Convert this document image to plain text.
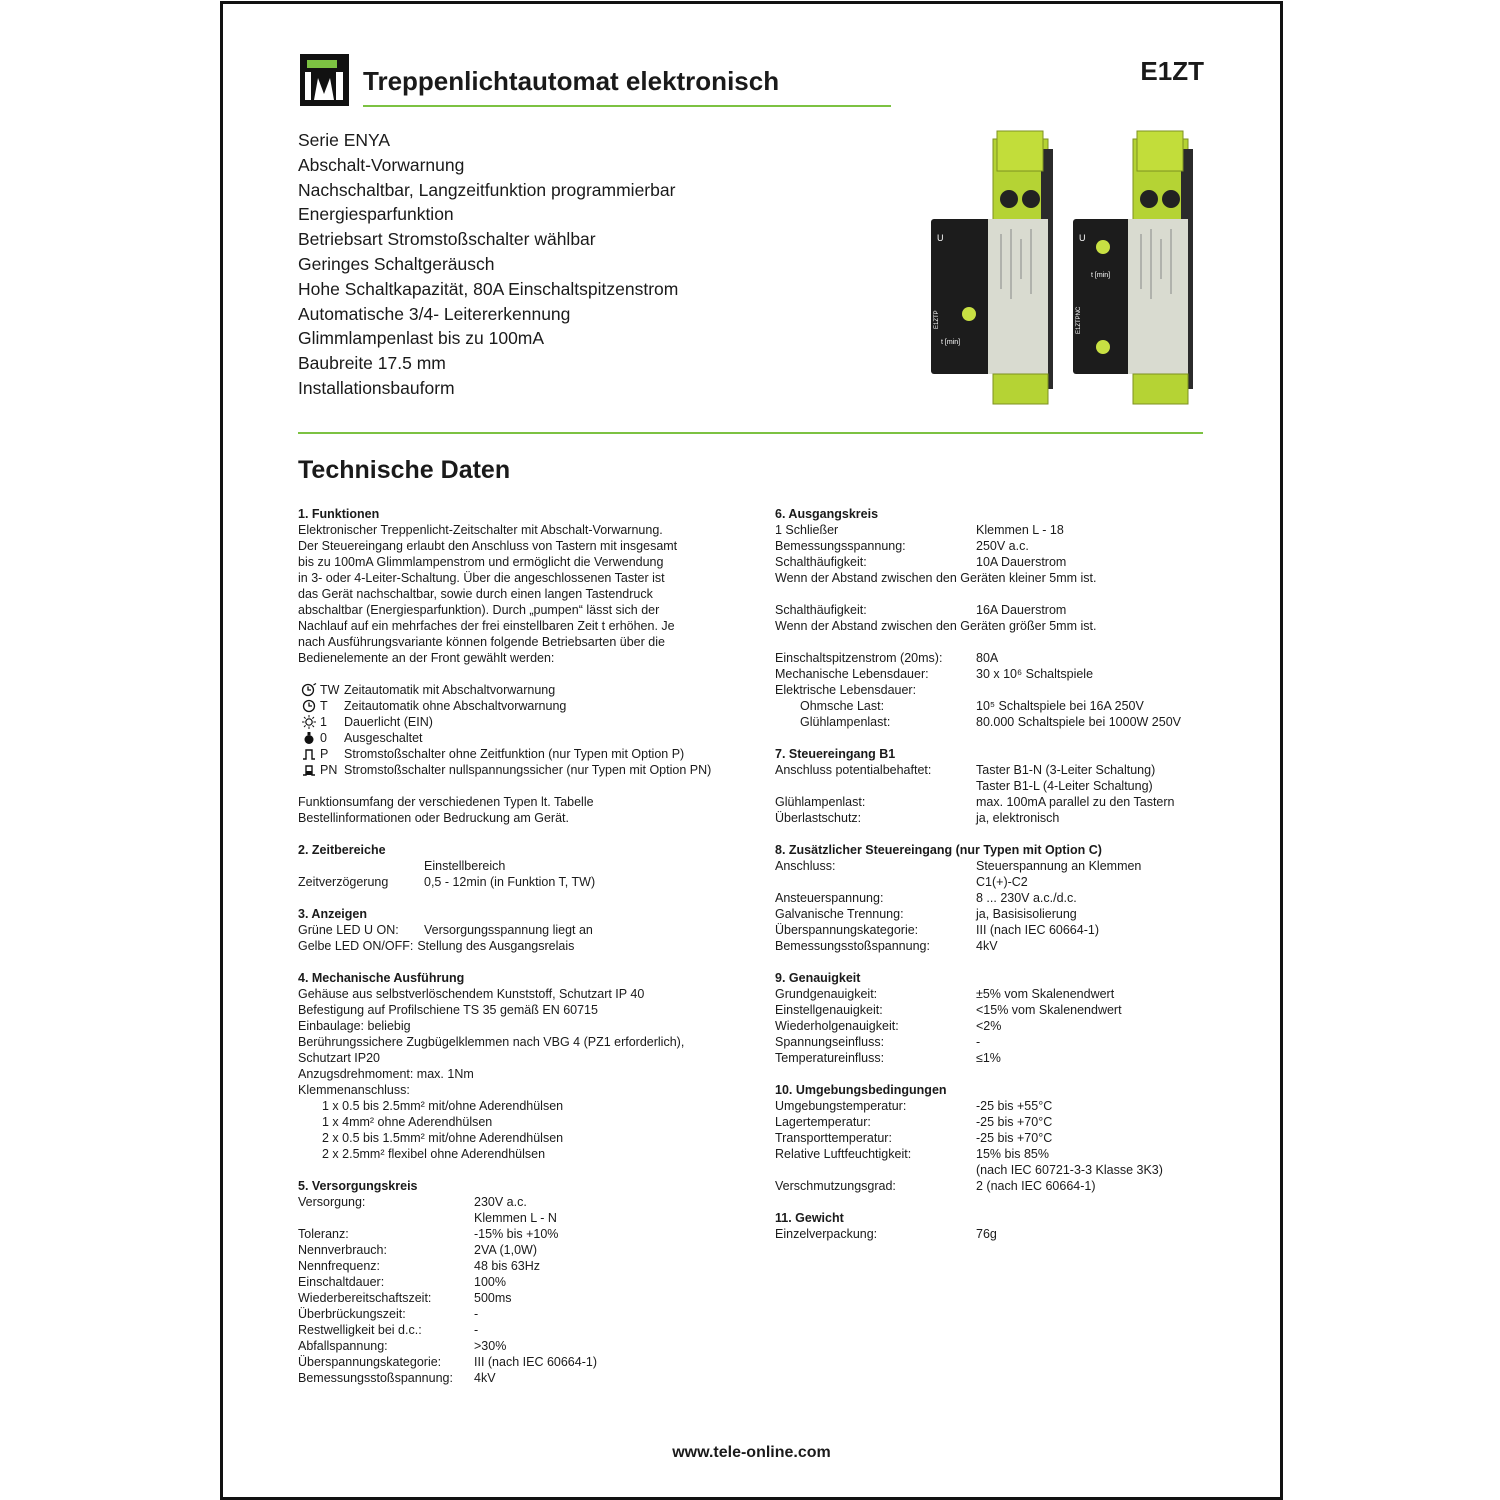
Treppenlichtautomat elektronisch	E1ZT
Serie ENYA
Abschalt-Vorwarnung
Nachschaltbar, Langzeitfunktion programmierbar
Energiesparfunktion
Betriebsart Stromstoßschalter wählbar
Geringes Schaltgeräusch
Hohe Schaltkapazität, 80A Einschaltspitzenstrom
Automatische 3/4- Leitererkennung
Glimmlampenlast bis zu 100mA
Baubreite 17.5 mm
Installationsbauform
U
t [min]
E1ZTP
U
t [min]
E1ZTPNC
Technische Daten
1. Funktionen
Elektronischer Treppenlicht-Zeitschalter mit Abschalt-Vorwarnung.
Der Steuereingang erlaubt den Anschluss von Tastern mit insgesamt
bis zu 100mA Glimmlampenstrom und ermöglicht die Verwendung
in 3- oder 4-Leiter-Schaltung. Über die angeschlossenen Taster ist
das Gerät nachschaltbar, sowie durch einen langen Tastendruck
abschaltbar (Energiesparfunktion). Durch „pumpen“ lässt sich der
Nachlauf auf ein mehrfaches der frei einstellbaren Zeit t erhöhen. Je
nach Ausführungsvariante können folgende Betriebsarten über die
Bedienelemente an der Front gewählt werden:
TW Zeitautomatik mit Abschaltvorwarnung
T	Zeitautomatik ohne Abschaltvorwarnung
1	Dauerlicht (EIN)
0	Ausgeschaltet
P	Stromstoßschalter ohne Zeitfunktion (nur Typen mit Option P)
PN Stromstoßschalter nullspannungssicher (nur Typen mit Option PN)
Funktionsumfang der verschiedenen Typen lt. Tabelle
Bestellinformationen oder Bedruckung am Gerät.
2. Zeitbereiche
Einstellbereich
Zeitverzögerung	0,5 - 12min (in Funktion T, TW)
3. Anzeigen
Grüne LED U ON:	Versorgungsspannung liegt an
Gelbe LED ON/OFF: Stellung des Ausgangsrelais
4. Mechanische Ausführung
Gehäuse aus selbstverlöschendem Kunststoff, Schutzart IP 40
Befestigung auf Profilschiene TS 35 gemäß EN 60715
Einbaulage: beliebig
Berührungssichere Zugbügelklemmen nach VBG 4 (PZ1 erforderlich),
Schutzart IP20
Anzugsdrehmoment: max. 1Nm
Klemmenanschluss:
1 x 0.5 bis 2.5mm² mit/ohne Aderendhülsen
1 x 4mm² ohne Aderendhülsen
2 x 0.5 bis 1.5mm² mit/ohne Aderendhülsen
2 x 2.5mm² flexibel ohne Aderendhülsen
5. Versorgungskreis
Versorgung:	230V a.c.
Klemmen L - N
Toleranz:	-15% bis +10%
Nennverbrauch:	2VA (1,0W)
Nennfrequenz:	48 bis 63Hz
Einschaltdauer:	100%
Wiederbereitschaftszeit:	500ms
Überbrückungszeit:	-
Restwelligkeit bei d.c.:	-
Abfallspannung:	>30%
Überspannungskategorie:	III (nach IEC 60664-1)
Bemessungsstoßspannung:	4kV
6. Ausgangskreis
1 Schließer	Klemmen L - 18
Bemessungsspannung:	250V a.c.
Schalthäufigkeit:	10A Dauerstrom
Wenn der Abstand zwischen den Geräten kleiner 5mm ist.
Schalthäufigkeit:	16A Dauerstrom
Wenn der Abstand zwischen den Geräten größer 5mm ist.
Einschaltspitzenstrom (20ms):	80A
Mechanische Lebensdauer:	30 x 10⁶ Schaltspiele
Elektrische Lebensdauer:
Ohmsche Last:	10⁵ Schaltspiele bei 16A 250V
Glühlampenlast:	80.000 Schaltspiele bei 1000W 250V
7. Steuereingang B1
Anschluss potentialbehaftet:	Taster B1-N (3-Leiter Schaltung)
Taster B1-L (4-Leiter Schaltung)
Glühlampenlast:	max. 100mA parallel zu den Tastern
Überlastschutz:	ja, elektronisch
8. Zusätzlicher Steuereingang (nur Typen mit Option C)
Anschluss:	Steuerspannung an Klemmen
C1(+)-C2
Ansteuerspannung:	8 ... 230V a.c./d.c.
Galvanische Trennung:	ja, Basisisolierung
Überspannungskategorie:	III (nach IEC 60664-1)
Bemessungsstoßspannung:	4kV
9. Genauigkeit
Grundgenauigkeit:	±5% vom Skalenendwert
Einstellgenauigkeit:	<15% vom Skalenendwert
Wiederholgenauigkeit:	<2%
Spannungseinfluss:	-
Temperatureinfluss:	≤1%
10. Umgebungsbedingungen
Umgebungstemperatur:	-25 bis +55°C
Lagertemperatur:	-25 bis +70°C
Transporttemperatur:	-25 bis +70°C
Relative Luftfeuchtigkeit:	15% bis 85%
(nach IEC 60721-3-3 Klasse 3K3)
Verschmutzungsgrad:	2 (nach IEC 60664-1)
11. Gewicht
Einzelverpackung:	76g
www.tele-online.com
